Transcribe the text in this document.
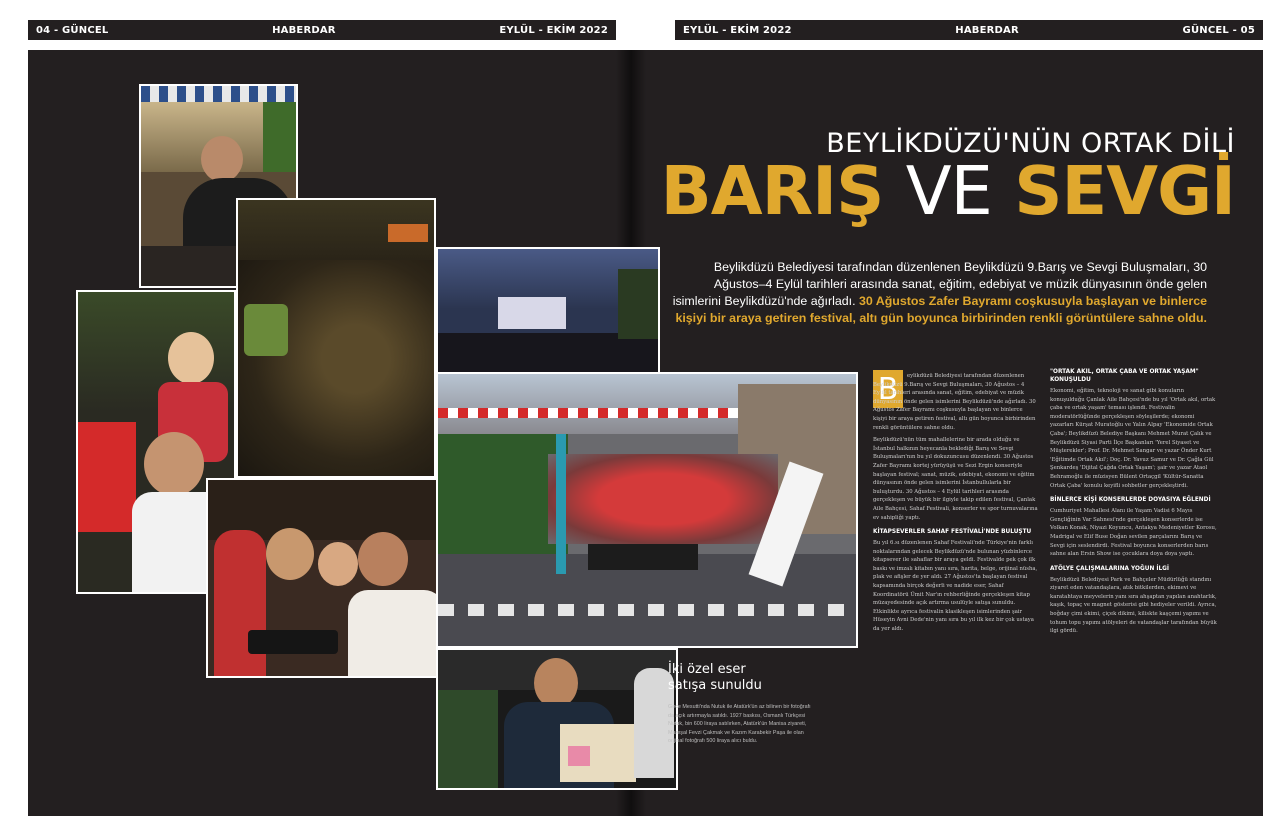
04 - GÜNCEL	HABERDAR	EYLÜL - EKİM 2022	EYLÜL - EKİM 2022	HABERDAR	GÜNCEL - 05
BEYLİKDÜZÜ'NÜN ORTAK DİLİ
BARIŞ VE SEVGİ
Beylikdüzü Belediyesi tarafından düzenlenen Beylikdüzü 9.Barış ve Sevgi Buluşmaları, 30 Ağustos–4 Eylül tarihleri arasında sanat, eğitim, edebiyat ve müzik dünyasının önde gelen isimlerini Beylikdüzü'nde ağırladı. 30 Ağustos Zafer Bayramı coşkusuyla başlayan ve binlerce kişiyi bir araya getiren festival, altı gün boyunca birbirinden renkli görüntülere sahne oldu.
B	eylikdüzü Belediyesi tarafından düzenlenen Beylikdüzü 9.Barış ve Sevgi Buluşmaları, 30 Ağustos – 4 Eylül tarihleri arasında sanat, eğitim, edebiyat ve müzik dünyasının önde gelen isimlerini Beylikdüzü'nde ağırladı. 30 Ağustos Zafer Bayramı coşkusuyla başlayan ve binlerce kişiyi bir araya getiren festival, altı gün boyunca birbirinden renkli görüntülere sahne oldu.

Beylikdüzü'nün tüm mahallelerine bir arada olduğu ve İstanbul halkının heyecanla beklediği Barış ve Sevgi Buluşmaları'nın bu yıl dokuzuncusu düzenlendi. 30 Ağustos Zafer Bayramı kortej yürüyüşü ve Sezi Ergin konseriyle başlayan festival; sanat, müzik, edebiyat, ekonomi ve eğitim dünyasının önde gelen isimlerini İstanbullularla bir buluşturdu. 30 Ağustos – 4 Eylül tarihleri arasında gerçekleşen ve büyük bir ilgiyle takip edilen festival, Çanlak Aile Bahçesi, Sahaf Festivali, konserler ve spor turnuvalarına ev sahipliği yaptı.

KİTAPSEVERLER SAHAF FESTİVALİ'NDE BULUŞTU

Bu yıl 6.sı düzenlenen Sahaf Festivali'nde Türkiye'nin farklı noktalarından gelecek Beylikdüzü'nde bulunan yüzbinlerce kitapsever ile sahaflar bir araya geldi. Festivalde pek çok ilk baskı ve imzalı kitabın yanı sıra, harita, belge, orijinal nüsha, plak ve afişler de yer aldı. 27 Ağustos'ta başlayan festival kapsamında birçok değerli ve nadide eser, Sahaf Koordinatörü Ümit Nar'ın rehberliğinde gerçekleşen kitap müzayedesinde açık artırma usulüyle satışa sunuldu. Etkinlikte ayrıca festivalin klasikleşen isimlerinden şair Hüseyin Avni Dede'nin yanı sıra bu yıl ilk kez bir çok ustaya da yer aldı.

"ORTAK AKIL, ORTAK ÇABA VE ORTAK YAŞAM" KONUŞULDU

Ekonomi, eğitim, teknoloji ve sanat gibi konuların konuşulduğu Çanlak Aile Bahçesi'nde bu yıl 'Ortak akıl, ortak çaba ve ortak yaşam' teması işlendi. Festivalin moderatörlüğünde gerçekleşen söyleşilerde; ekonomi yazarları Kürşat Muratoğlu ve Yalın Alpay 'Ekonomide Ortak Çaba'; Beylikdüzü Belediye Başkanı Mehmet Murat Çalık ve Beylikdüzü Siyasi Parti İlçe Başkanları 'Yerel Siyaset ve Müşterekler'; Prof. Dr. Mehmet Sangar ve yazar Önder Kurt 'Eğitimde Ortak Akıl'; Doç. Dr. Yavuz Samur ve Dr. Çağla Gül Şenkardeş 'Dijital Çağda Ortak Yaşam'; şair ve yazar Ataol Behramoğlu ile müzisyen Bülent Ortaçgil 'Kültür-Sanatta Ortak Çaba' konulu keyifli sohbetler gerçekleştirdi.

BİNLERCE KİŞİ KONSERLERDE DOYASIYA EĞLENDİ

Cumhuriyet Mahallesi Alanı ile Yaşam Vadisi 6 Mayıs Gençliğinin Var Sahnesi'nde gerçekleşen konserlerde ise Volkan Konak, Niyazi Koyuncu, Antakya Medeniyetler Korosu, Madrigal ve Elif Buse Doğan sevilen parçalarını Barış ve Sevgi için seslendirdi. Festival boyunca konserlerden barıs sahne alan Ersin Show ise çocuklara doya doya yaptı.

ATÖLYE ÇALIŞMALARINA YOĞUN İLGİ

Beylikdüzü Belediyesi Park ve Bahçeler Müdürlüğü standını ziyaret eden vatandaşlara, atık bitkilerden, ekimevi ve karatahtaya meyvelerin yanı sıra ahşaptan yapılan anahtarlık, kaşık, topaç ve magnet gösterisi gibi hediyeler verildi. Ayrıca, boğday çimi ekimi, çiçek dikimi, kiliskte kaşçemi yapımı ve tohum topu yapımı atölyeleri de vatandaşlar tarafından büyük ilgi gördü.

İki özel eser
satışa sunuldu
Gece Mesutti'nda Nutuk ile Atatürk'ün az bilinen bir fotoğrafı da açık artırmayla satıldı. 1927 baskısı, Osmanlı Türkçesi Nutuk, bin 600 liraya satılırken, Atatürk'ün Manisa ziyareti, Mareşal Fevzi Çakmak ve Kazım Karabekir Paşa ile olan orijinal fotoğrafı 500 liraya alıcı buldu.
